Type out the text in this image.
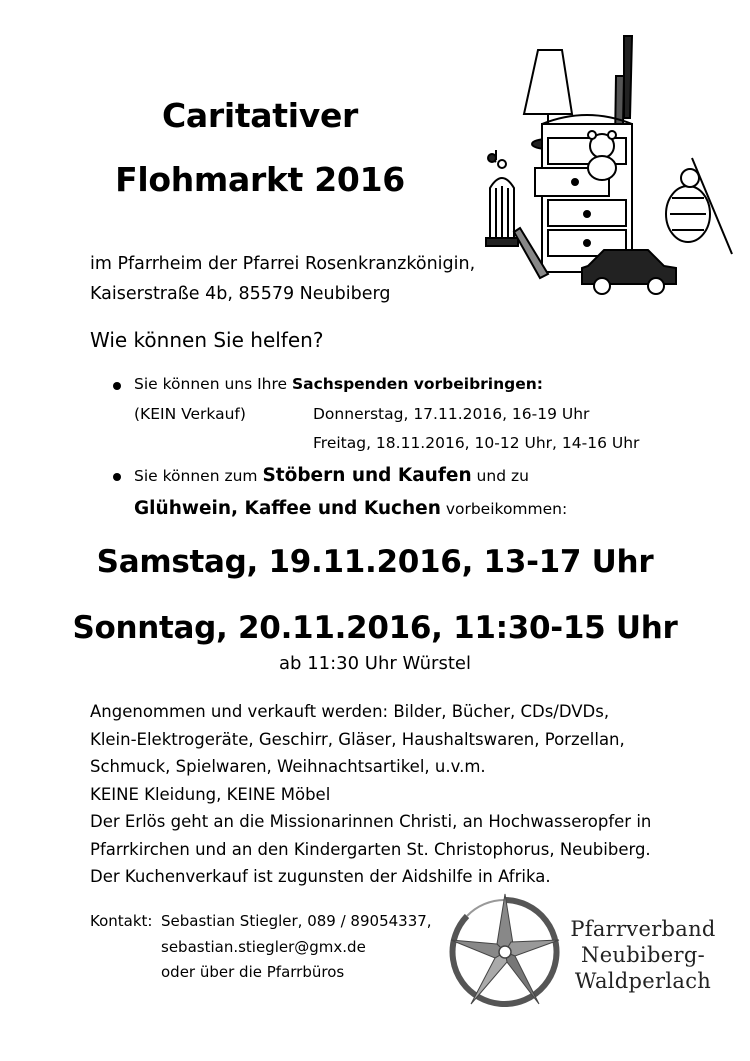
Caritativer
Flohmarkt 2016
im Pfarrheim der Pfarrei Rosenkranzkönigin,
Kaiserstraße 4b, 85579 Neubiberg
Wie können Sie helfen?
Sie können uns Ihre Sachspenden vorbeibringen:
(KEIN Verkauf)	Donnerstag, 17.11.2016, 16-19 Uhr
Freitag, 18.11.2016, 10-12 Uhr, 14-16 Uhr
Sie können zum Stöbern und Kaufen und zu
Glühwein, Kaffee und Kuchen vorbeikommen:
Samstag, 19.11.2016, 13-17 Uhr
Sonntag, 20.11.2016, 11:30-15 Uhr
ab 11:30 Uhr Würstel
Angenommen und verkauft werden: Bilder, Bücher, CDs/DVDs,
Klein-Elektrogeräte, Geschirr, Gläser, Haushaltswaren, Porzellan,
Schmuck, Spielwaren, Weihnachtsartikel, u.v.m.
KEINE Kleidung, KEINE Möbel
Der Erlös geht an die Missionarinnen Christi, an Hochwasseropfer in
Pfarrkirchen und an den Kindergarten St. Christophorus, Neubiberg.
Der Kuchenverkauf ist zugunsten der Aidshilfe in Afrika.
Kontakt: Sebastian Stiegler, 089 / 89054337,
sebastian.stiegler@gmx.de
oder über die Pfarrbüros
Pfarrverband
Neubiberg-
Waldperlach
